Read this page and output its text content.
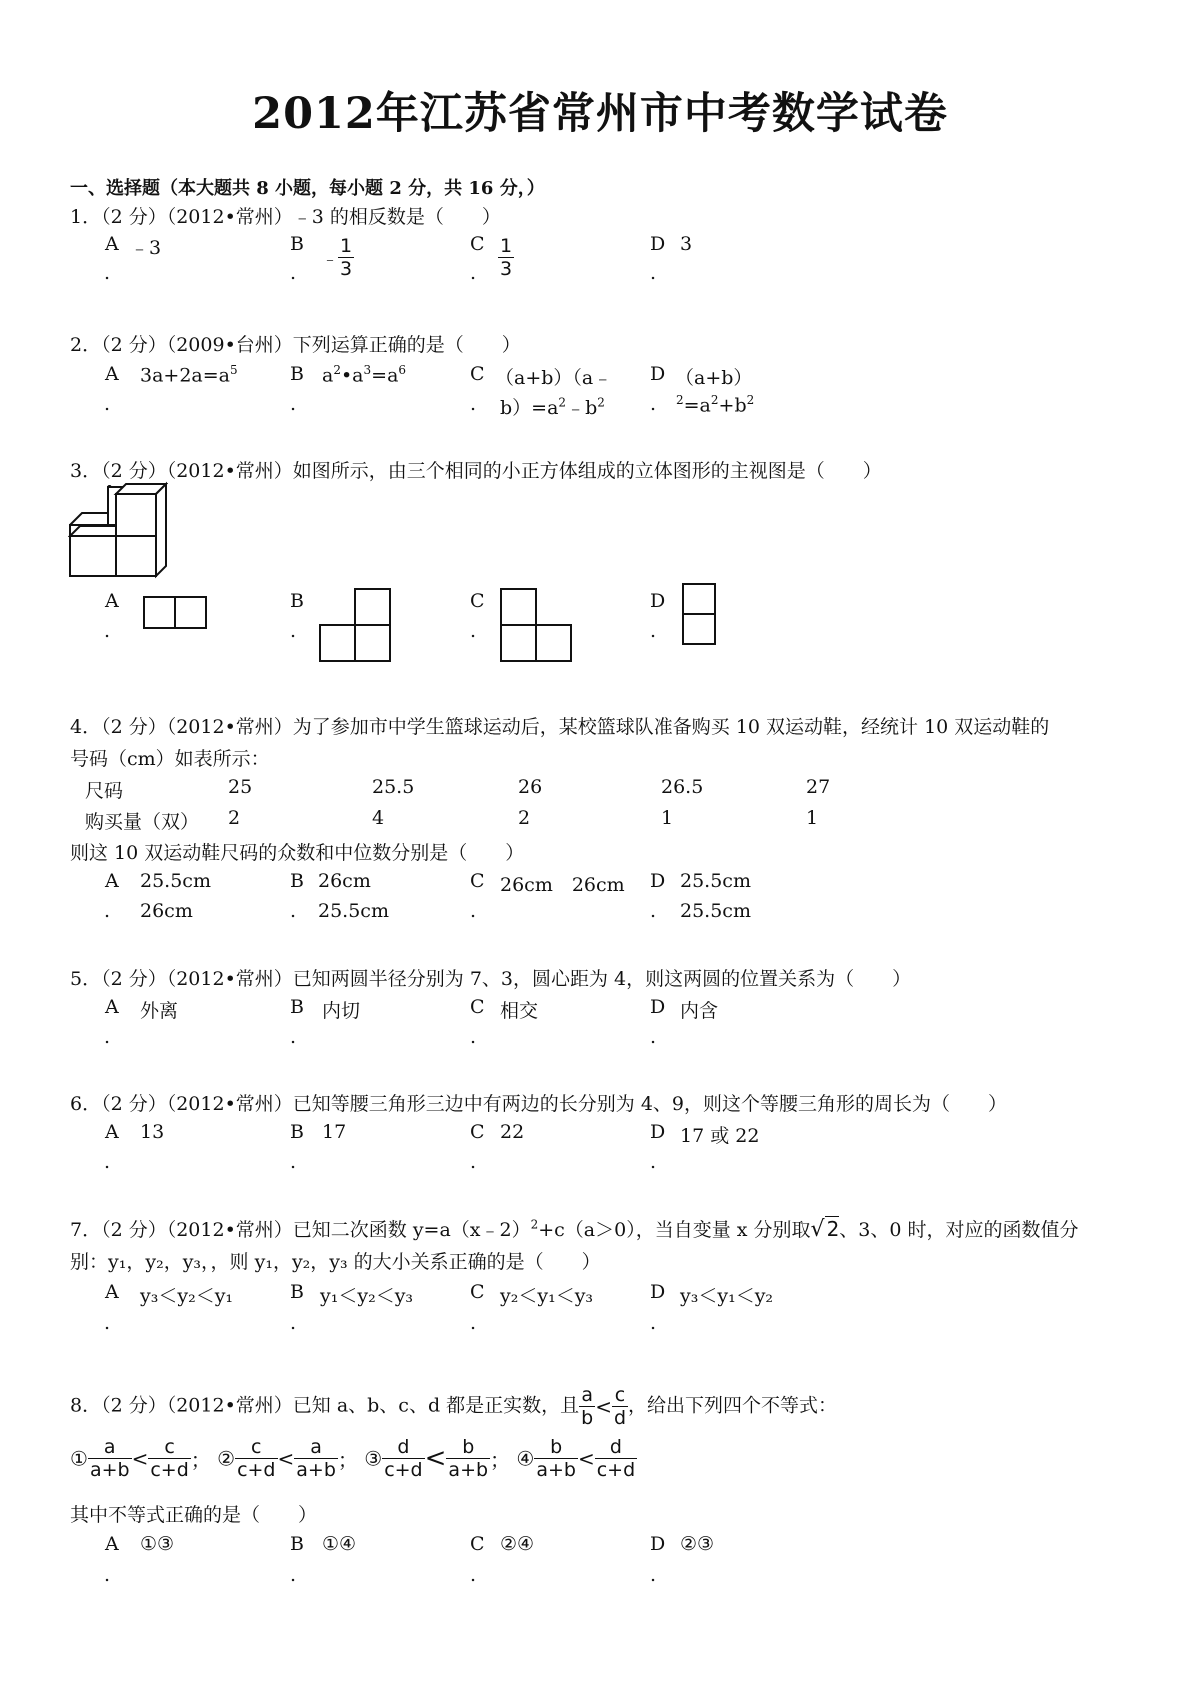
2012年江苏省常州市中考数学试卷
一、选择题（本大题共 8 小题，每小题 2 分，共 16 分，）
1．（2 分）（2012•常州）﹣3 的相反数是（　　）
A ﹣3
.
B
﹣ $\frac{1}{3}$
.
C $\frac{1}{3}$
.
D 3
.
2．（2 分）（2009•台州）下列运算正确的是（　　）
A $3a+2a=a^5$
.
B $a^2•a^3=a^6$
.
C （a+b）（a﹣
. $b)=a^2﹣b^2$
D （a+b）
. $^2=a^2+b^2$
3．（2 分）（2012•常州）如图所示，由三个相同的小正方体组成的立体图形的主视图是（　　）
A
.
B
.
C
.
D
.
4．（2 分）（2012•常州）为了参加市中学生篮球运动后，某校篮球队准备购买 10 双运动鞋，经统计 10 双运动鞋的
号码（cm）如表所示：
尺码	25	25.5	26	26.5	27
购买量（双） 2	4	2	1	1
则这 10 双运动鞋尺码的众数和中位数分别是（　　）
A 25.5cm
. 26cm
B 26cm
. 25.5cm
C 26cm　26cm
.
D 25.5cm
. 25.5cm
5．（2 分）（2012•常州）已知两圆半径分别为 7、3，圆心距为 4，则这两圆的位置关系为（　　）
A 外离
.
B 内切
.
C 相交
.
D 内含
.
6．（2 分）（2012•常州）已知等腰三角形三边中有两边的长分别为 4、9，则这个等腰三角形的周长为（　　）
A 13
.
B 17
.
C 22
.
D 17 或 22
.
7．（2 分）（2012•常州）已知二次函数 y=a（x﹣2）$^2$+c（a＞0），当自变量 x 分别取√ 2、3、0 时，对应的函数值分
别：y₁，y₂，y₃，，则 y₁，y₂，y₃ 的大小关系正确的是（　　）
A y₃＜y₂＜y₁
.
B y₁＜y₂＜y₃
.
C y₂＜y₁＜y₃
.
D y₃＜y₁＜y₂
.
8．（2 分）（2012•常州）已知 a、b、c、d 都是正实数，且 $\frac{a}{b} < \frac{c}{d}$ ，给出下列四个不等式：
① $\frac{a}{a+b} < \frac{c}{c+d}$ ； ② $\frac{c}{c+d} < \frac{a}{a+b}$ ； ③ $\frac{d}{c+d} < \frac{b}{a+b}$ ； ④ $\frac{b}{a+b} < \frac{d}{c+d}$
其中不等式正确的是（　　）
A ①③
.
B ①④
.
C ②④
.
D ②③
.
